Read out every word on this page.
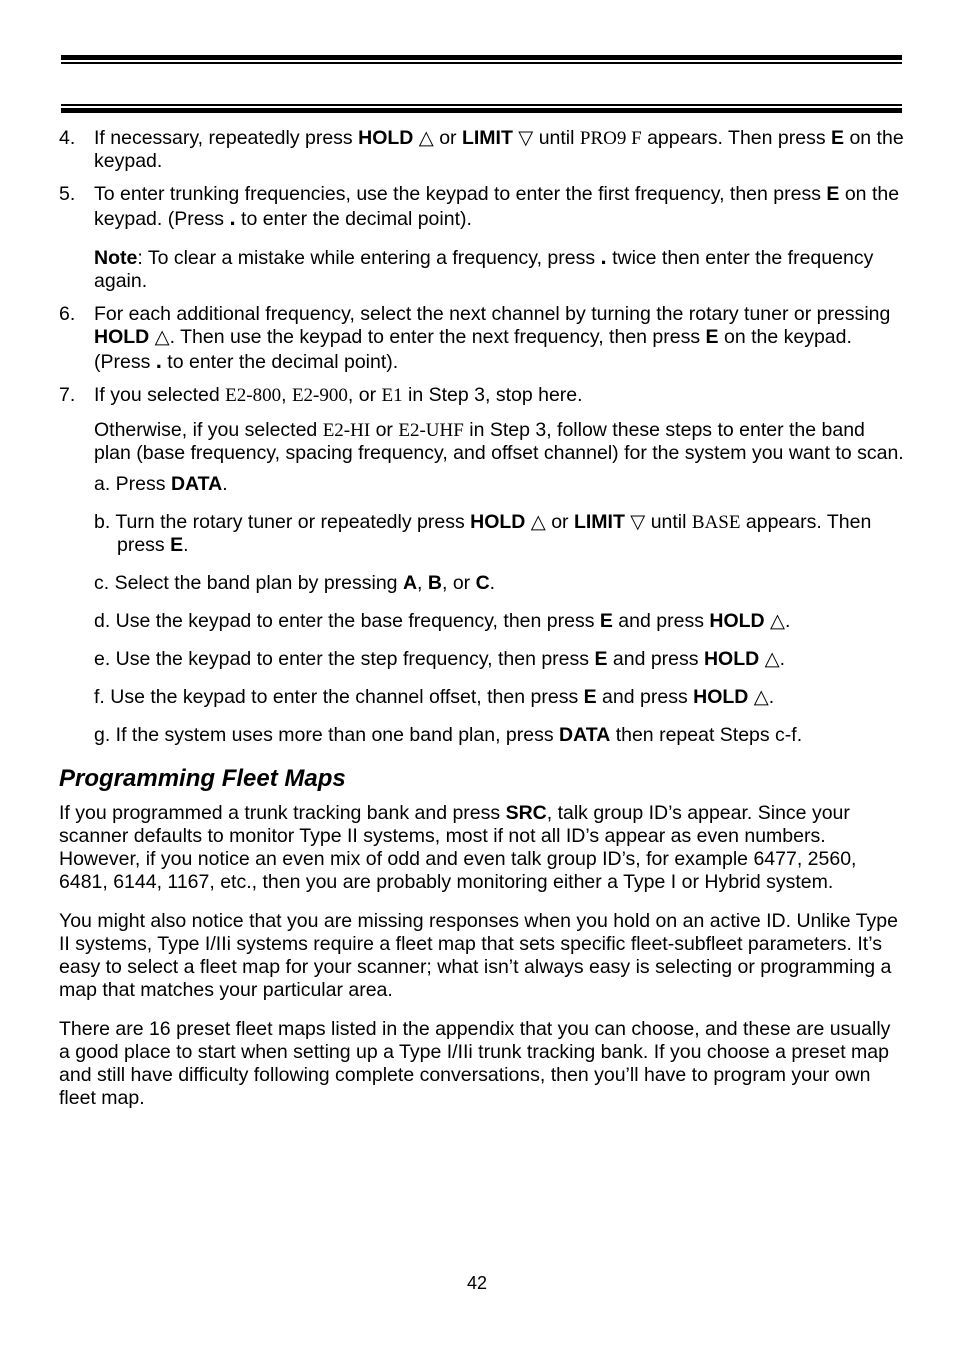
4. If necessary, repeatedly press HOLD △ or LIMIT ▽ until PRO9 F appears. Then press E on the keypad.

5. To enter trunking frequencies, use the keypad to enter the first frequency, then press E on the keypad. (Press . to enter the decimal point).

Note: To clear a mistake while entering a frequency, press . twice then enter the frequency again.

6. For each additional frequency, select the next channel by turning the rotary tuner or pressing HOLD △. Then use the keypad to enter the next frequency, then press E on the keypad. (Press . to enter the decimal point).

7. If you selected E2-800, E2-900, or E1 in Step 3, stop here.

Otherwise, if you selected E2-HI or E2-UHF in Step 3, follow these steps to enter the band plan (base frequency, spacing frequency, and offset channel) for the system you want to scan.

a. Press DATA.
b. Turn the rotary tuner or repeatedly press HOLD △ or LIMIT ▽ until BASE appears. Then press E.
c. Select the band plan by pressing A, B, or C.
d. Use the keypad to enter the base frequency, then press E and press HOLD △.
e. Use the keypad to enter the step frequency, then press E and press HOLD △.
f. Use the keypad to enter the channel offset, then press E and press HOLD △.
g. If the system uses more than one band plan, press DATA then repeat Steps c-f.
Programming Fleet Maps

If you programmed a trunk tracking bank and press SRC, talk group ID’s appear. Since your scanner defaults to monitor Type II systems, most if not all ID’s appear as even numbers. However, if you notice an even mix of odd and even talk group ID’s, for example 6477, 2560, 6481, 6144, 1167, etc., then you are probably monitoring either a Type I or Hybrid system.

You might also notice that you are missing responses when you hold on an active ID. Unlike Type II systems, Type I/IIi systems require a fleet map that sets specific fleet-subfleet parameters. It’s easy to select a fleet map for your scanner; what isn’t always easy is selecting or programming a map that matches your particular area.

There are 16 preset fleet maps listed in the appendix that you can choose, and these are usually a good place to start when setting up a Type I/IIi trunk tracking bank. If you choose a preset map and still have difficulty following complete conversations, then you’ll have to program your own fleet map.

42
